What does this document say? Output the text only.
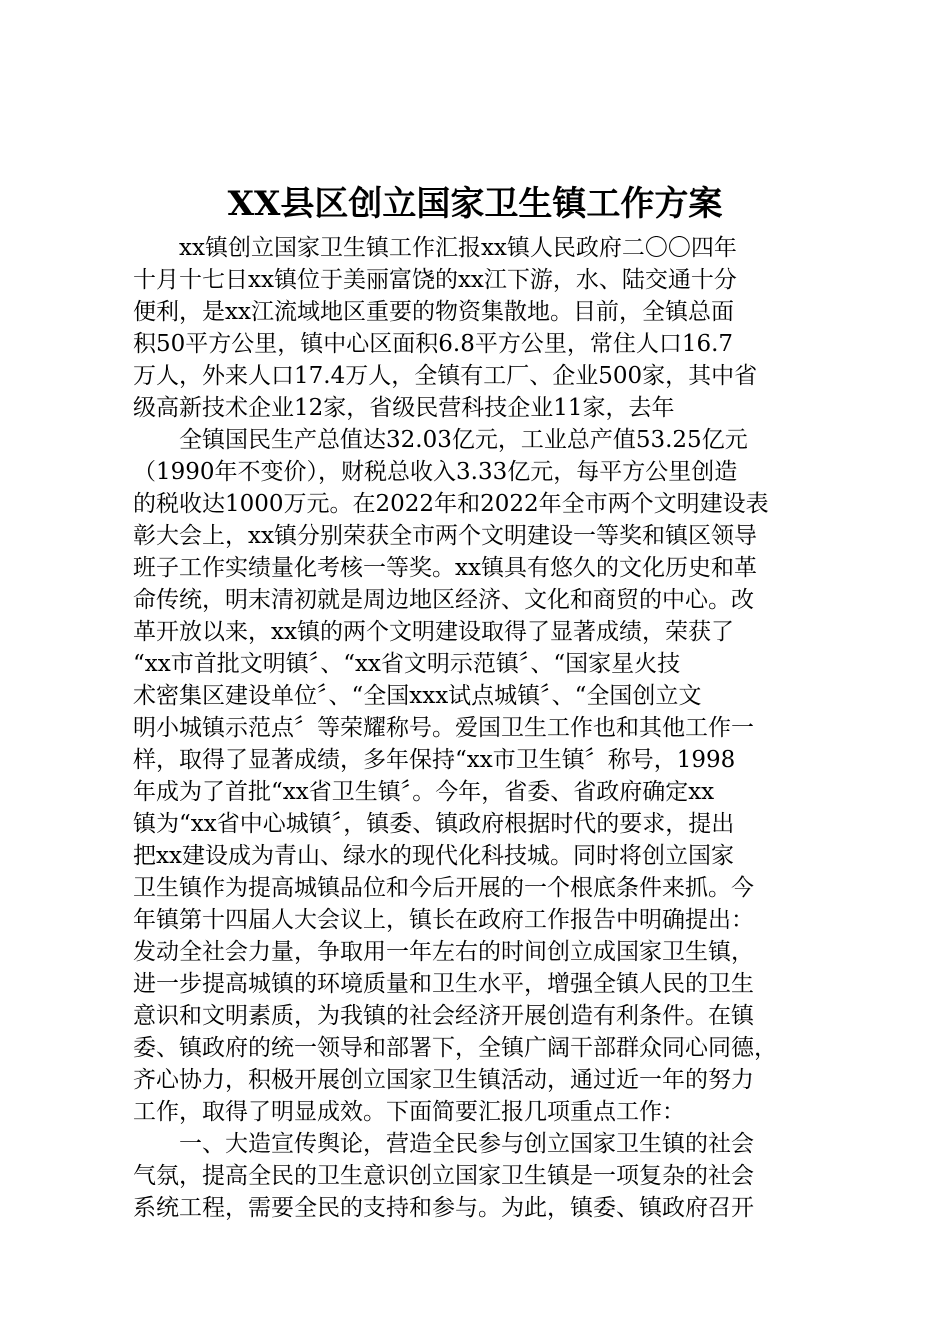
XX县区创立国家卫生镇工作方案
xx镇创立国家卫生镇工作汇报xx镇人民政府二〇〇四年
十月十七日xx镇位于美丽富饶的xx江下游，水、陆交通十分
便利，是xx江流域地区重要的物资集散地。目前，全镇总面
积50平方公里，镇中心区面积6.8平方公里，常住人口16.7
万人，外来人口17.4万人，全镇有工厂、企业500家，其中省
级高新技术企业12家，省级民营科技企业11家，去年
全镇国民生产总值达32.03亿元，工业总产值53.25亿元
（1990年不变价），财税总收入3.33亿元，每平方公里创造
的税收达1000万元。在2022年和2022年全市两个文明建设表
彰大会上，xx镇分别荣获全市两个文明建设一等奖和镇区领导
班子工作实绩量化考核一等奖。xx镇具有悠久的文化历史和革
命传统，明末清初就是周边地区经济、文化和商贸的中心。改
革开放以来，xx镇的两个文明建设取得了显著成绩，荣获了
“xx市首批文明镇〞、“xx省文明示范镇〞、“国家星火技
术密集区建设单位〞、“全国xxx试点城镇〞、“全国创立文
明小城镇示范点〞等荣耀称号。爱国卫生工作也和其他工作一
样，取得了显著成绩，多年保持“xx市卫生镇〞称号，1998
年成为了首批“xx省卫生镇〞。今年，省委、省政府确定xx
镇为“xx省中心城镇〞，镇委、镇政府根据时代的要求，提出
把xx建设成为青山、绿水的现代化科技城。同时将创立国家
卫生镇作为提高城镇品位和今后开展的一个根底条件来抓。今
年镇第十四届人大会议上，镇长在政府工作报告中明确提出：
发动全社会力量，争取用一年左右的时间创立成国家卫生镇，
进一步提高城镇的环境质量和卫生水平，增强全镇人民的卫生
意识和文明素质，为我镇的社会经济开展创造有利条件。在镇
委、镇政府的统一领导和部署下，全镇广阔干部群众同心同德，
齐心协力，积极开展创立国家卫生镇活动，通过近一年的努力
工作，取得了明显成效。下面简要汇报几项重点工作：
一、大造宣传舆论，营造全民参与创立国家卫生镇的社会
气氛，提高全民的卫生意识创立国家卫生镇是一项复杂的社会
系统工程，需要全民的支持和参与。为此，镇委、镇政府召开
